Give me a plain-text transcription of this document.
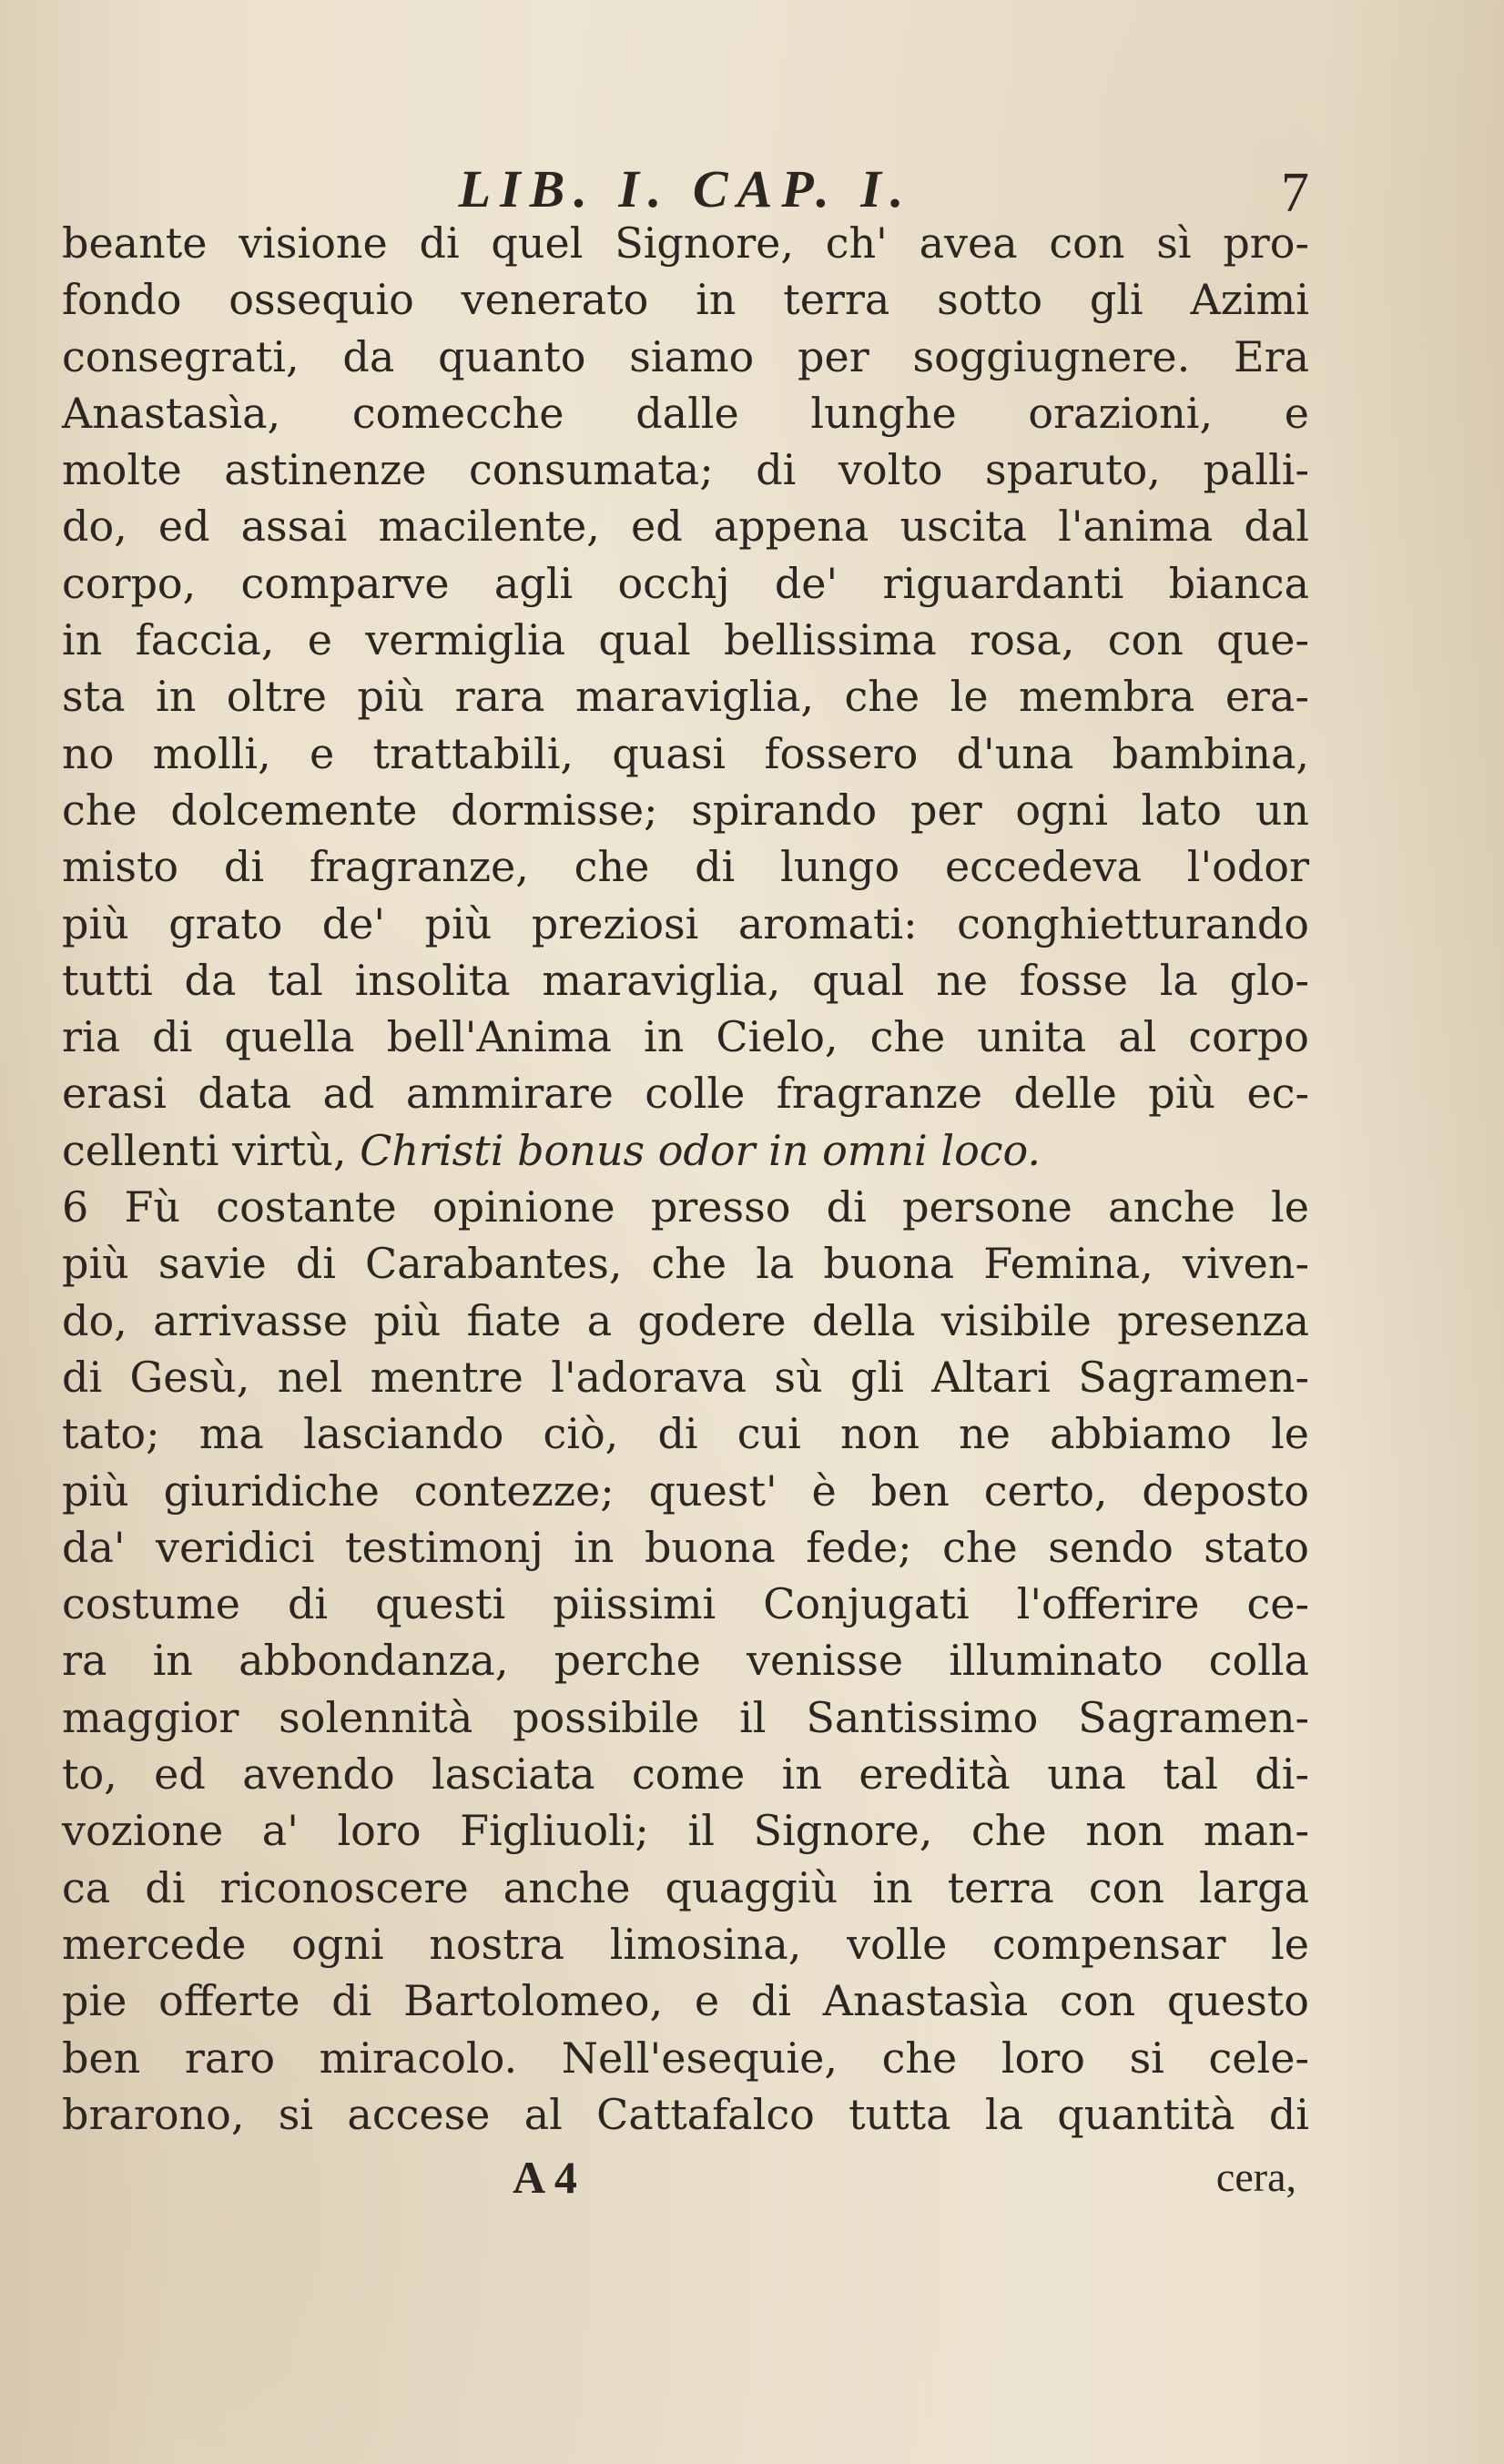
LIB. I. CAP. I.	7
beante visione di quel Signore, ch' avea con sì pro-
fondo ossequio venerato in terra sotto gli Azimi
consegrati, da quanto siamo per soggiugnere. Era
Anastasìa, comecche dalle lunghe orazioni, e
molte astinenze consumata; di volto sparuto, palli-
do, ed assai macilente, ed appena uscita l'anima dal
corpo, comparve agli occhj de' riguardanti bianca
in faccia, e vermiglia qual bellissima rosa, con que-
sta in oltre più rara maraviglia, che le membra era-
no molli, e trattabili, quasi fossero d'una bambina,
che dolcemente dormisse; spirando per ogni lato un
misto di fragranze, che di lungo eccedeva l'odor
più grato de' più preziosi aromati: conghietturando
tutti da tal insolita maraviglia, qual ne fosse la glo-
ria di quella bell'Anima in Cielo, che unita al corpo
erasi data ad ammirare colle fragranze delle più ec-
cellenti virtù, Christi bonus odor in omni loco.
6 Fù costante opinione presso di persone anche le
più savie di Carabantes, che la buona Femina, viven-
do, arrivasse più fiate a godere della visibile presenza
di Gesù, nel mentre l'adorava sù gli Altari Sagramen-
tato; ma lasciando ciò, di cui non ne abbiamo le
più giuridiche contezze; quest' è ben certo, deposto
da' veridici testimonj in buona fede; che sendo stato
costume di questi piissimi Conjugati l'offerire ce-
ra in abbondanza, perche venisse illuminato colla
maggior solennità possibile il Santissimo Sagramen-
to, ed avendo lasciata come in eredità una tal di-
vozione a' loro Figliuoli; il Signore, che non man-
ca di riconoscere anche quaggiù in terra con larga
mercede ogni nostra limosina, volle compensar le
pie offerte di Bartolomeo, e di Anastasìa con questo
ben raro miracolo. Nell'esequie, che loro si cele-
brarono, si accese al Cattafalco tutta la quantità di
A 4	cera,
